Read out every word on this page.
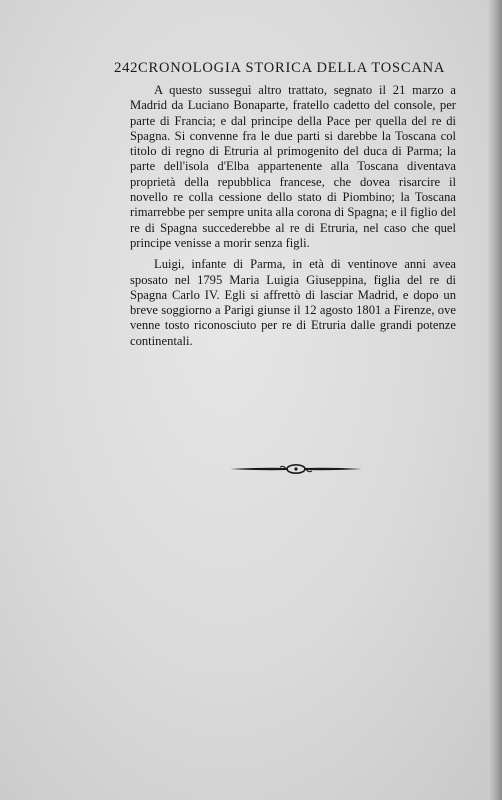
242 CRONOLOGIA STORICA DELLA TOSCANA

A questo susseguì altro trattato, segnato il 21 marzo a Madrid da Luciano Bonaparte, fratello cadetto del console, per parte di Francia; e dal principe della Pace per quella del re di Spagna. Si convenne fra le due parti si darebbe la Toscana col titolo di regno di Etruria al primogenito del duca di Parma; la parte dell'isola d'Elba appartenente alla Toscana diventava proprietà della repubblica francese, che dovea risarcire il novello re colla cessione dello stato di Piombino; la Toscana rimarrebbe per sempre unita alla corona di Spagna; e il figlio del re di Spagna succederebbe al re di Etruria, nel caso che quel principe venisse a morir senza figli.

Luigi, infante di Parma, in età di ventinove anni avea sposato nel 1795 Maria Luigia Giuseppina, figlia del re di Spagna Carlo IV. Egli si affrettò di lasciar Madrid, e dopo un breve soggiorno a Parigi giunse il 12 agosto 1801 a Firenze, ove venne tosto riconosciuto per re di Etruria dalle grandi potenze continentali.
